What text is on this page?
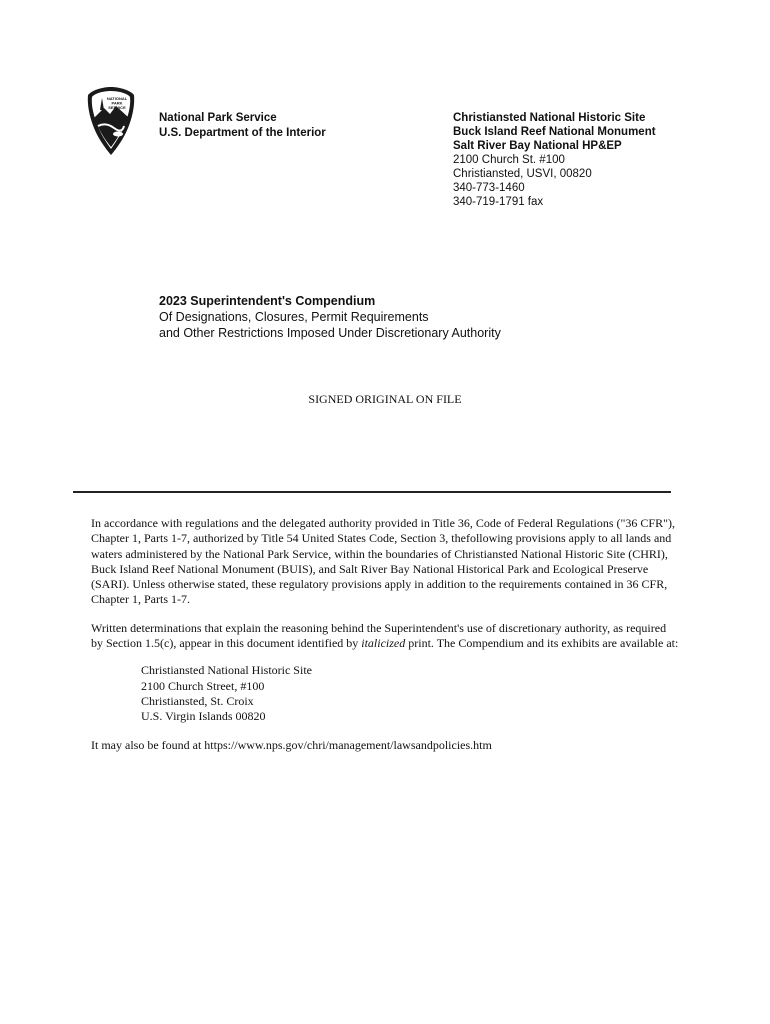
NATIONAL
PARK
SERVICE
National Park Service
U.S. Department of the Interior
Christiansted National Historic Site
Buck Island Reef National Monument
Salt River Bay National HP&EP
2100 Church St. #100
Christiansted, USVI, 00820
340-773-1460
340-719-1791 fax
2023 Superintendent's Compendium
Of Designations, Closures, Permit Requirements
and Other Restrictions Imposed Under Discretionary Authority
SIGNED ORIGINAL ON FILE

In accordance with regulations and the delegated authority provided in Title 36, Code of Federal Regulations ("36 CFR"), Chapter 1, Parts 1-7, authorized by Title 54 United States Code, Section 3, thefollowing provisions apply to all lands and waters administered by the National Park Service, within the boundaries of Christiansted National Historic Site (CHRI), Buck Island Reef National Monument (BUIS), and Salt River Bay National Historical Park and Ecological Preserve (SARI). Unless otherwise stated, these regulatory provisions apply in addition to the requirements contained in 36 CFR, Chapter 1, Parts 1-7.

Written determinations that explain the reasoning behind the Superintendent's use of discretionary authority, as required by Section 1.5(c), appear in this document identified by italicized print. The Compendium and its exhibits are available at:

Christiansted National Historic Site
2100 Church Street, #100
Christiansted, St. Croix
U.S. Virgin Islands 00820

It may also be found at https://www.nps.gov/chri/management/lawsandpolicies.htm
